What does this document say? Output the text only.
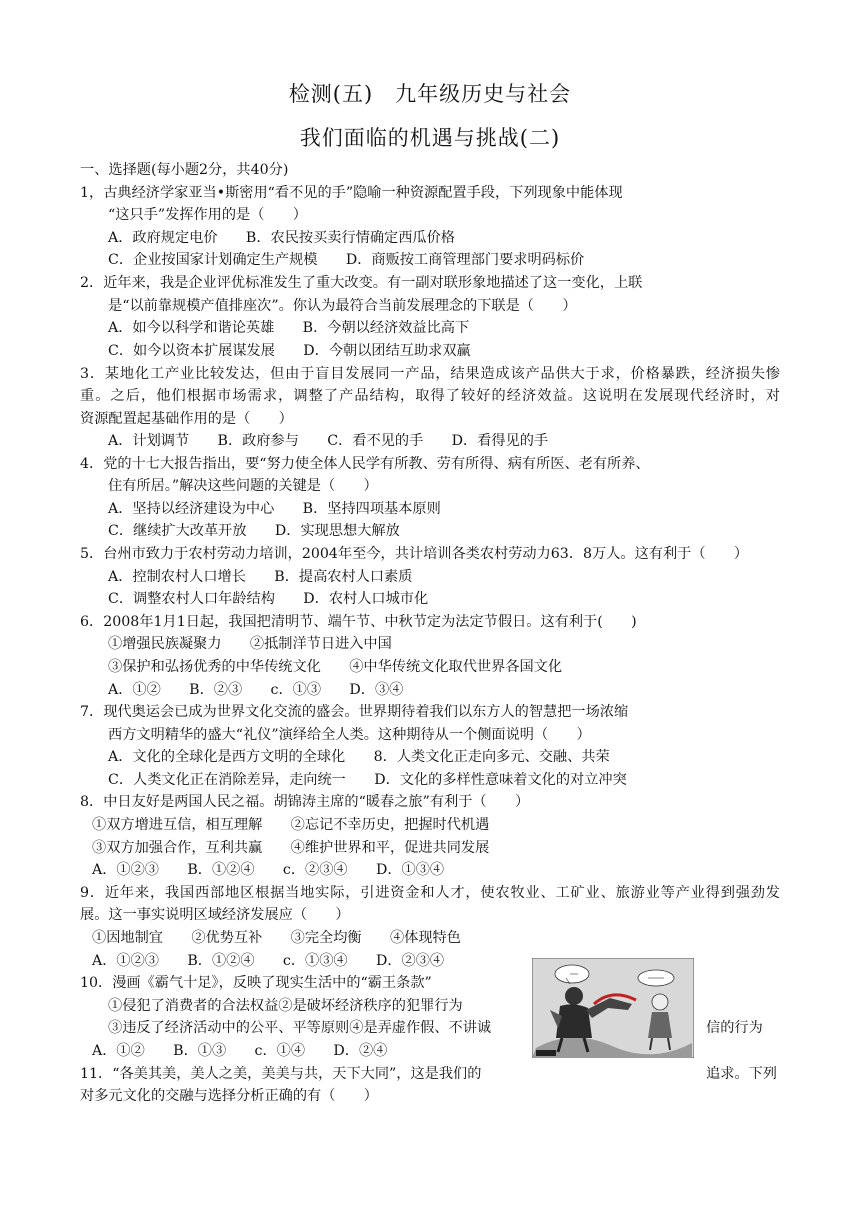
检测(五)　九年级历史与社会
我们面临的机遇与挑战(二)
一、选择题(每小题2分，共40分)
1，古典经济学家亚当•斯密用“看不见的手”隐喻一种资源配置手段，下列现象中能体现
“这只手”发挥作用的是（　　）
A．政府规定电价　　B．农民按买卖行情确定西瓜价格
C．企业按国家计划确定生产规模　　D．商贩按工商管理部门要求明码标价
2．近年来，我是企业评优标准发生了重大改变。有一副对联形象地描述了这一变化，上联
是“以前靠规模产值排座次”。你认为最符合当前发展理念的下联是（　　）
A．如今以科学和谐论英雄　　B．今朝以经济效益比高下
C．如今以资本扩展谋发展　　D．今朝以团结互助求双赢
3．某地化工产业比较发达，但由于盲目发展同一产品，结果造成该产品供大于求，价格暴跌，经济损失惨
重。之后，他们根据市场需求，调整了产品结构，取得了较好的经济效益。这说明在发展现代经济时，对
资源配置起基础作用的是（　　）
A．计划调节　　B．政府参与　　C．看不见的手　　D．看得见的手
4．党的十七大报告指出，要“努力使全体人民学有所教、劳有所得、病有所医、老有所养、
住有所居。”解决这些问题的关键是（　　）
A．坚持以经济建设为中心　　B．坚持四项基本原则
C．继续扩大改革开放　　D．实现思想大解放
5．台州市致力于农村劳动力培训，2004年至今，共计培训各类农村劳动力63．8万人。这有利于（　　）
A．控制农村人口增长　　B．提高农村人口素质
C．调整农村人口年龄结构　　D．农村人口城市化
6．2008年1月1日起，我国把清明节、端午节、中秋节定为法定节假日。这有利于(　　)
①增强民族凝聚力　　②抵制洋节日进入中国
③保护和弘扬优秀的中华传统文化　　④中华传统文化取代世界各国文化
A．①②　　B．②③　　c．①③　　D．③④
7．现代奥运会已成为世界文化交流的盛会。世界期待着我们以东方人的智慧把一场浓缩
西方文明精华的盛大“礼仪”演绎给全人类。这种期待从一个侧面说明（　　）
A．文化的全球化是西方文明的全球化　　8．人类文化正走向多元、交融、共荣
C．人类文化正在消除差异，走向统一　　D．文化的多样性意味着文化的对立冲突
8．中日友好是两国人民之福。胡锦涛主席的“暖春之旅”有利于（　　）
①双方增进互信，相互理解　　②忘记不幸历史，把握时代机遇
③双方加强合作，互利共赢　　④维护世界和平，促进共同发展
A．①②③　　B．①②④　　c．②③④　　D．①③④
9．近年来，我国西部地区根据当地实际，引进资金和人才，使农牧业、工矿业、旅游业等产业得到强劲发
展。这一事实说明区域经济发展应（　　）
①因地制宜　　②优势互补　　③完全均衡　　④体现特色
A．①②③　　B．①②④　　c．①③④　　D．②③④
10．漫画《霸气十足》，反映了现实生活中的“霸王条款”
①侵犯了消费者的合法权益②是破坏经济秩序的犯罪行为
③违反了经济活动中的公平、平等原则④是弄虚作假、不讲诚	信的行为
A．①②　　B．①③　　c．①④　　D．②④
11．“各美其美，美人之美，美美与共，天下大同”，这是我们的	追求。下列
对多元文化的交融与选择分析正确的有（　　）
